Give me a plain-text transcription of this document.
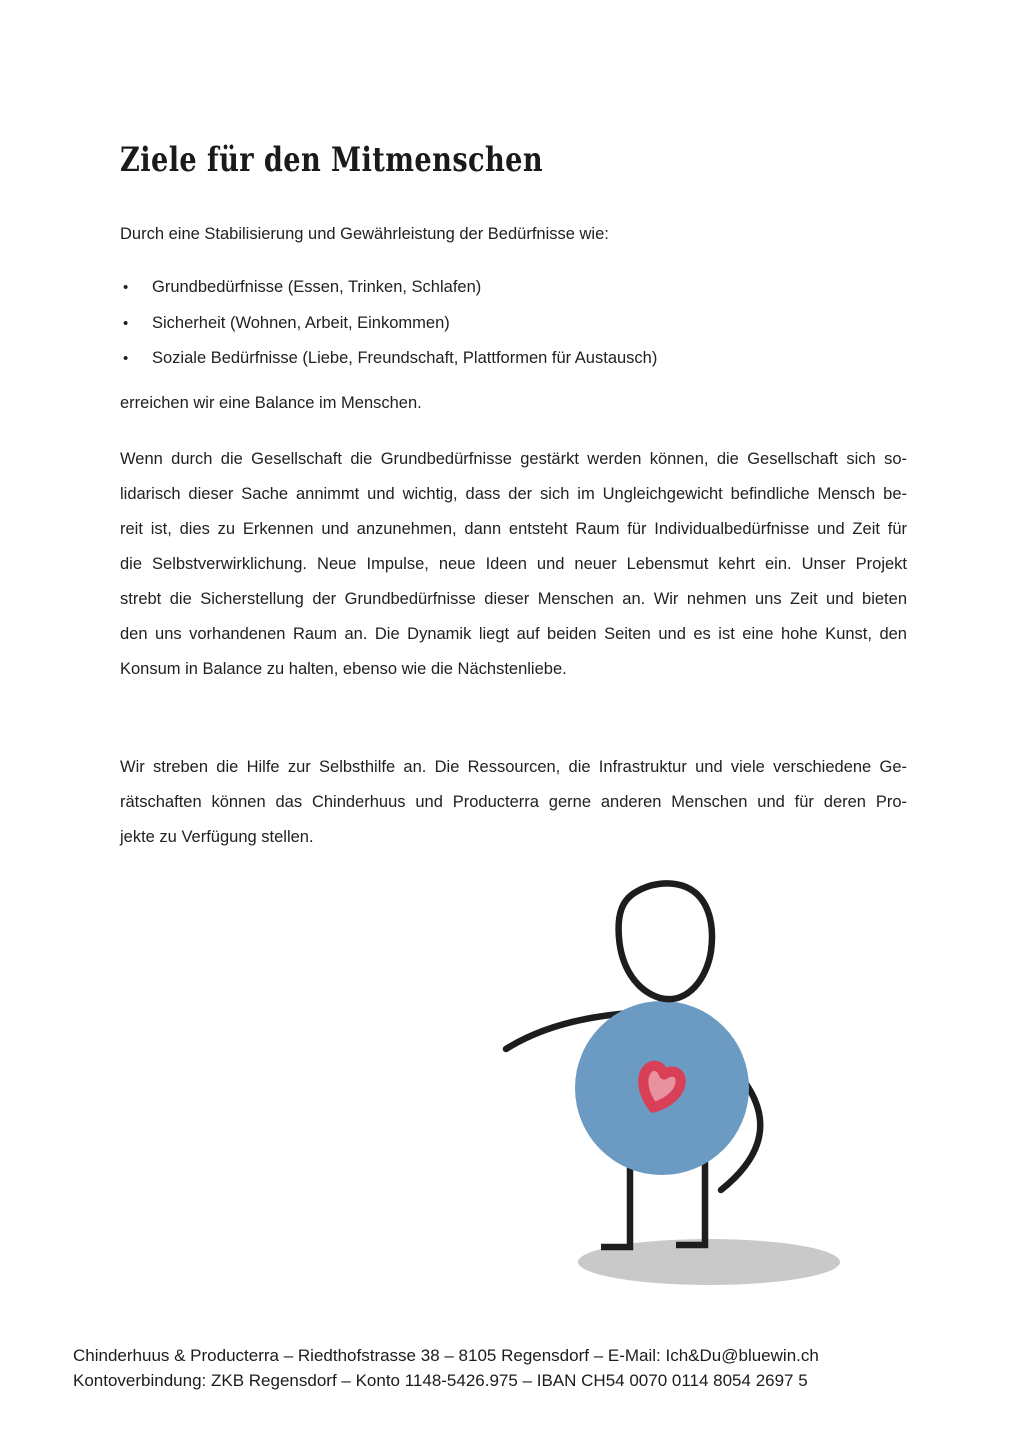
Ziele für den Mitmenschen
Durch eine Stabilisierung und Gewährleistung der Bedürfnisse wie:
•	Grundbedürfnisse (Essen, Trinken, Schlafen)
•	Sicherheit (Wohnen, Arbeit, Einkommen)
•	Soziale Bedürfnisse (Liebe, Freundschaft, Plattformen für Austausch)
erreichen wir eine Balance im Menschen.
Wenn durch die Gesellschaft die Grundbedürfnisse gestärkt werden können, die Gesellschaft sich so-
lidarisch dieser Sache annimmt und wichtig, dass der sich im Ungleichgewicht befindliche Mensch be-
reit ist, dies zu Erkennen und anzunehmen, dann entsteht Raum für Individualbedürfnisse und Zeit für
die Selbstverwirklichung. Neue Impulse, neue Ideen und neuer Lebensmut kehrt ein. Unser Projekt
strebt die Sicherstellung der Grundbedürfnisse dieser Menschen an. Wir nehmen uns Zeit und bieten
den uns vorhandenen Raum an. Die Dynamik liegt auf beiden Seiten und es ist eine hohe Kunst, den
Konsum in Balance zu halten, ebenso wie die Nächstenliebe.
Wir streben die Hilfe zur Selbsthilfe an. Die Ressourcen, die Infrastruktur und viele verschiedene Ge-
rätschaften können das Chinderhuus und Producterra gerne anderen Menschen und für deren Pro-
jekte zu Verfügung stellen.
Chinderhuus & Producterra – Riedthofstrasse 38 – 8105 Regensdorf – E-Mail: Ich&Du@bluewin.ch
Kontoverbindung: ZKB Regensdorf – Konto 1148-5426.975 – IBAN CH54 0070 0114 8054 2697 5
